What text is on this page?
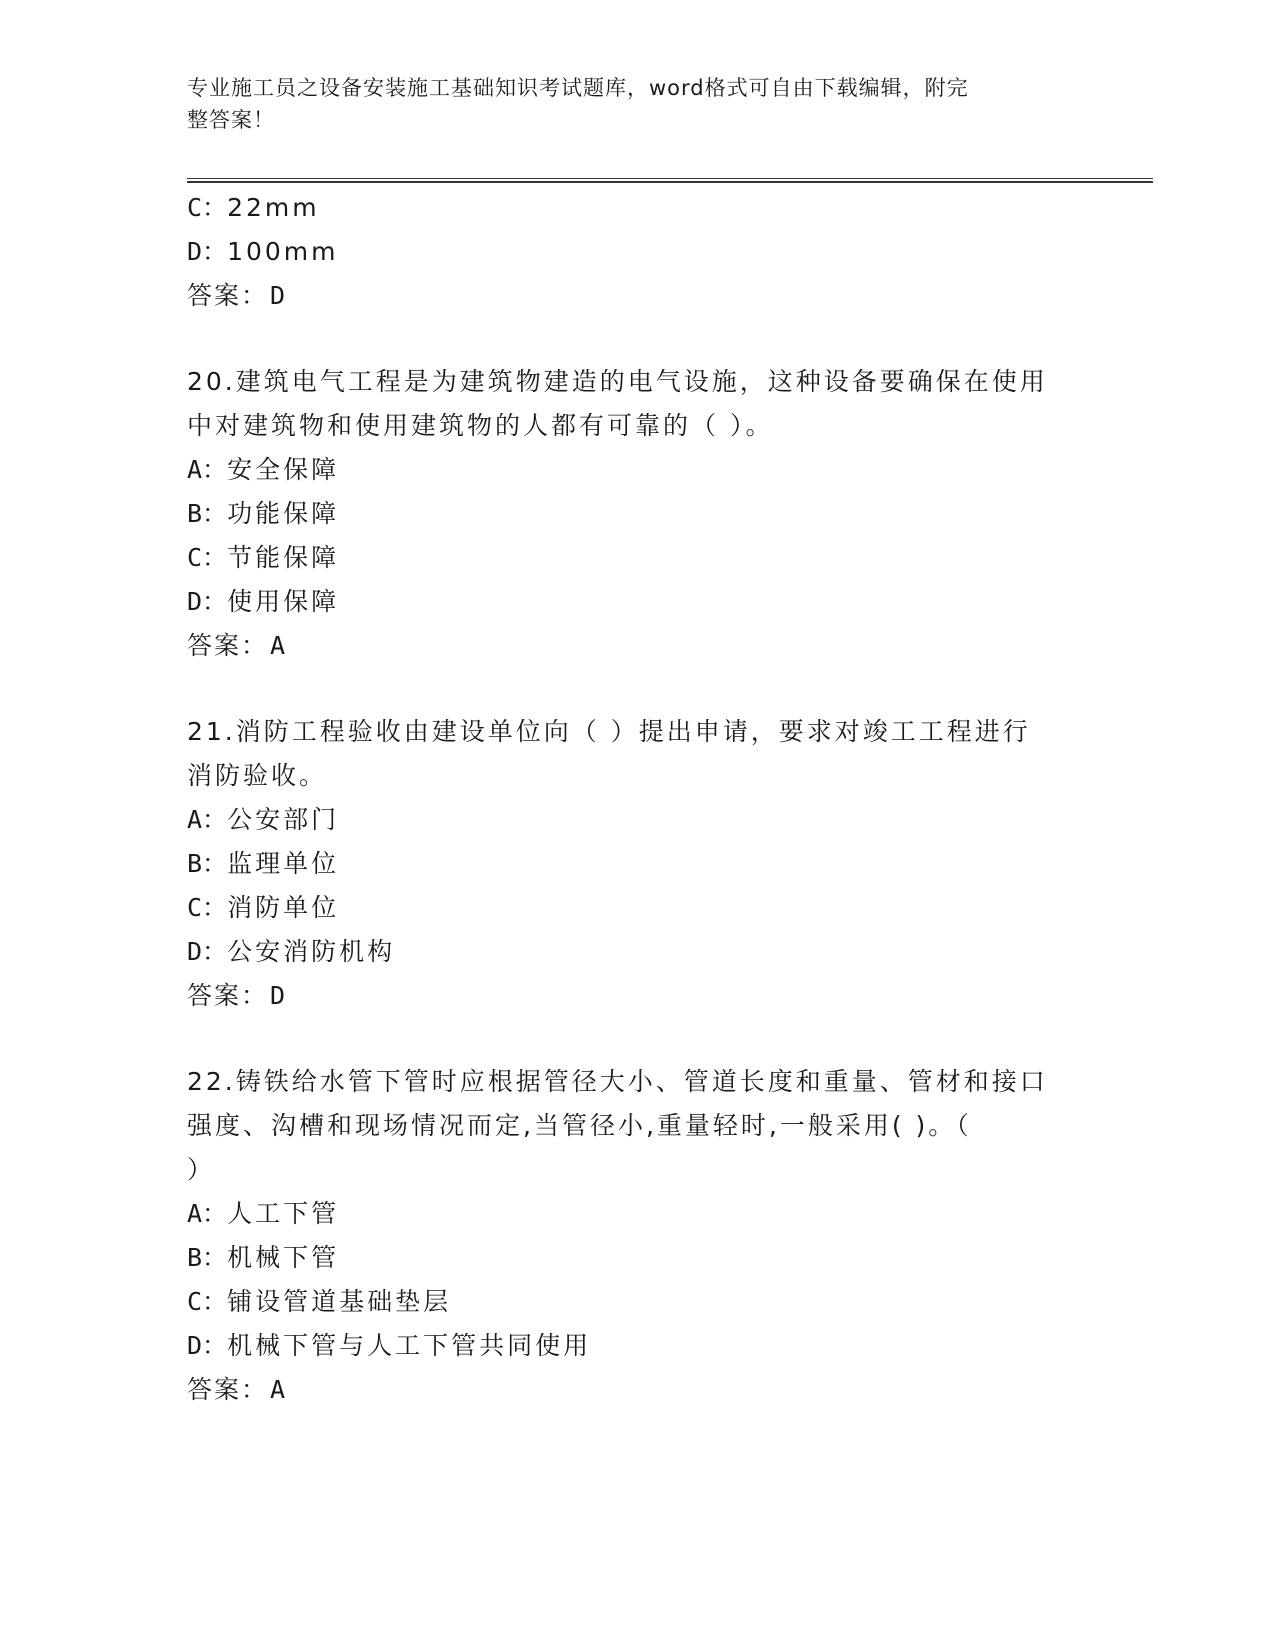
专业施工员之设备安装施工基础知识考试题库，word格式可自由下载编辑，附完
整答案！
C：22mm
D：100mm
答案：D
20.建筑电气工程是为建筑物建造的电气设施，这种设备要确保在使用
中对建筑物和使用建筑物的人都有可靠的（ ）。
A：安全保障
B：功能保障
C：节能保障
D：使用保障
答案：A
21.消防工程验收由建设单位向（ ）提出申请，要求对竣工工程进行
消防验收。
A：公安部门
B：监理单位
C：消防单位
D：公安消防机构
答案：D
22.铸铁给水管下管时应根据管径大小、管道长度和重量、管材和接口
强度、沟槽和现场情况而定,当管径小,重量轻时,一般采用( )。（
）
A：人工下管
B：机械下管
C：铺设管道基础垫层
D：机械下管与人工下管共同使用
答案：A
